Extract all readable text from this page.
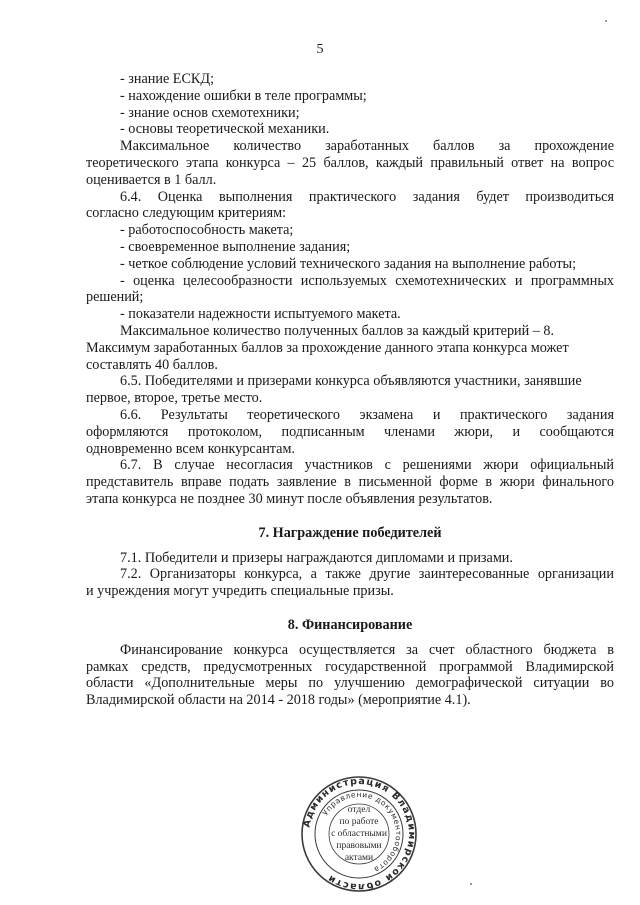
5

- знание ЕСКД;

- нахождение ошибки в теле программы;

- знание основ схемотехники;

- основы теоретической механики.

Максимальное количество заработанных баллов за прохождение
теоретического этапа конкурса – 25 баллов, каждый правильный ответ на вопрос
оценивается в 1 балл.
6.4. Оценка выполнения практического задания будет производиться
согласно следующим критериям:

- работоспособность макета;

- своевременное выполнение задания;

- четкое соблюдение условий технического задания на выполнение работы;

- оценка целесообразности используемых схемотехнических и программных
решений;

- показатели надежности испытуемого макета.

Максимальное количество полученных баллов за каждый критерий – 8.
Максимум заработанных баллов за прохождение данного этапа конкурса может
составлять 40 баллов.
6.5. Победителями и призерами конкурса объявляются участники, занявшие
первое, второе, третье место.
6.6. Результаты теоретического экзамена и практического задания
оформляются протоколом, подписанным членами жюри, и сообщаются
одновременно всем конкурсантам.
6.7. В случае несогласия участников с решениями жюри официальный
представитель вправе подать заявление в письменной форме в жюри финального
этапа конкурса не позднее 30 минут после объявления результатов.

7. Награждение победителей

7.1. Победители и призеры награждаются дипломами и призами.

7.2. Организаторы конкурса, а также другие заинтересованные организации
и учреждения могут учредить специальные призы.

8. Финансирование

Финансирование конкурса осуществляется за счет областного бюджета в
рамках средств, предусмотренных государственной программой Владимирской
области «Дополнительные меры по улучшению демографической ситуации во
Владимирской области на 2014 - 2018 годы» (мероприятие 4.1).
Администрация Владимирской области
Управление документооборота
отдел
по работе
с областными
правовыми
актами
